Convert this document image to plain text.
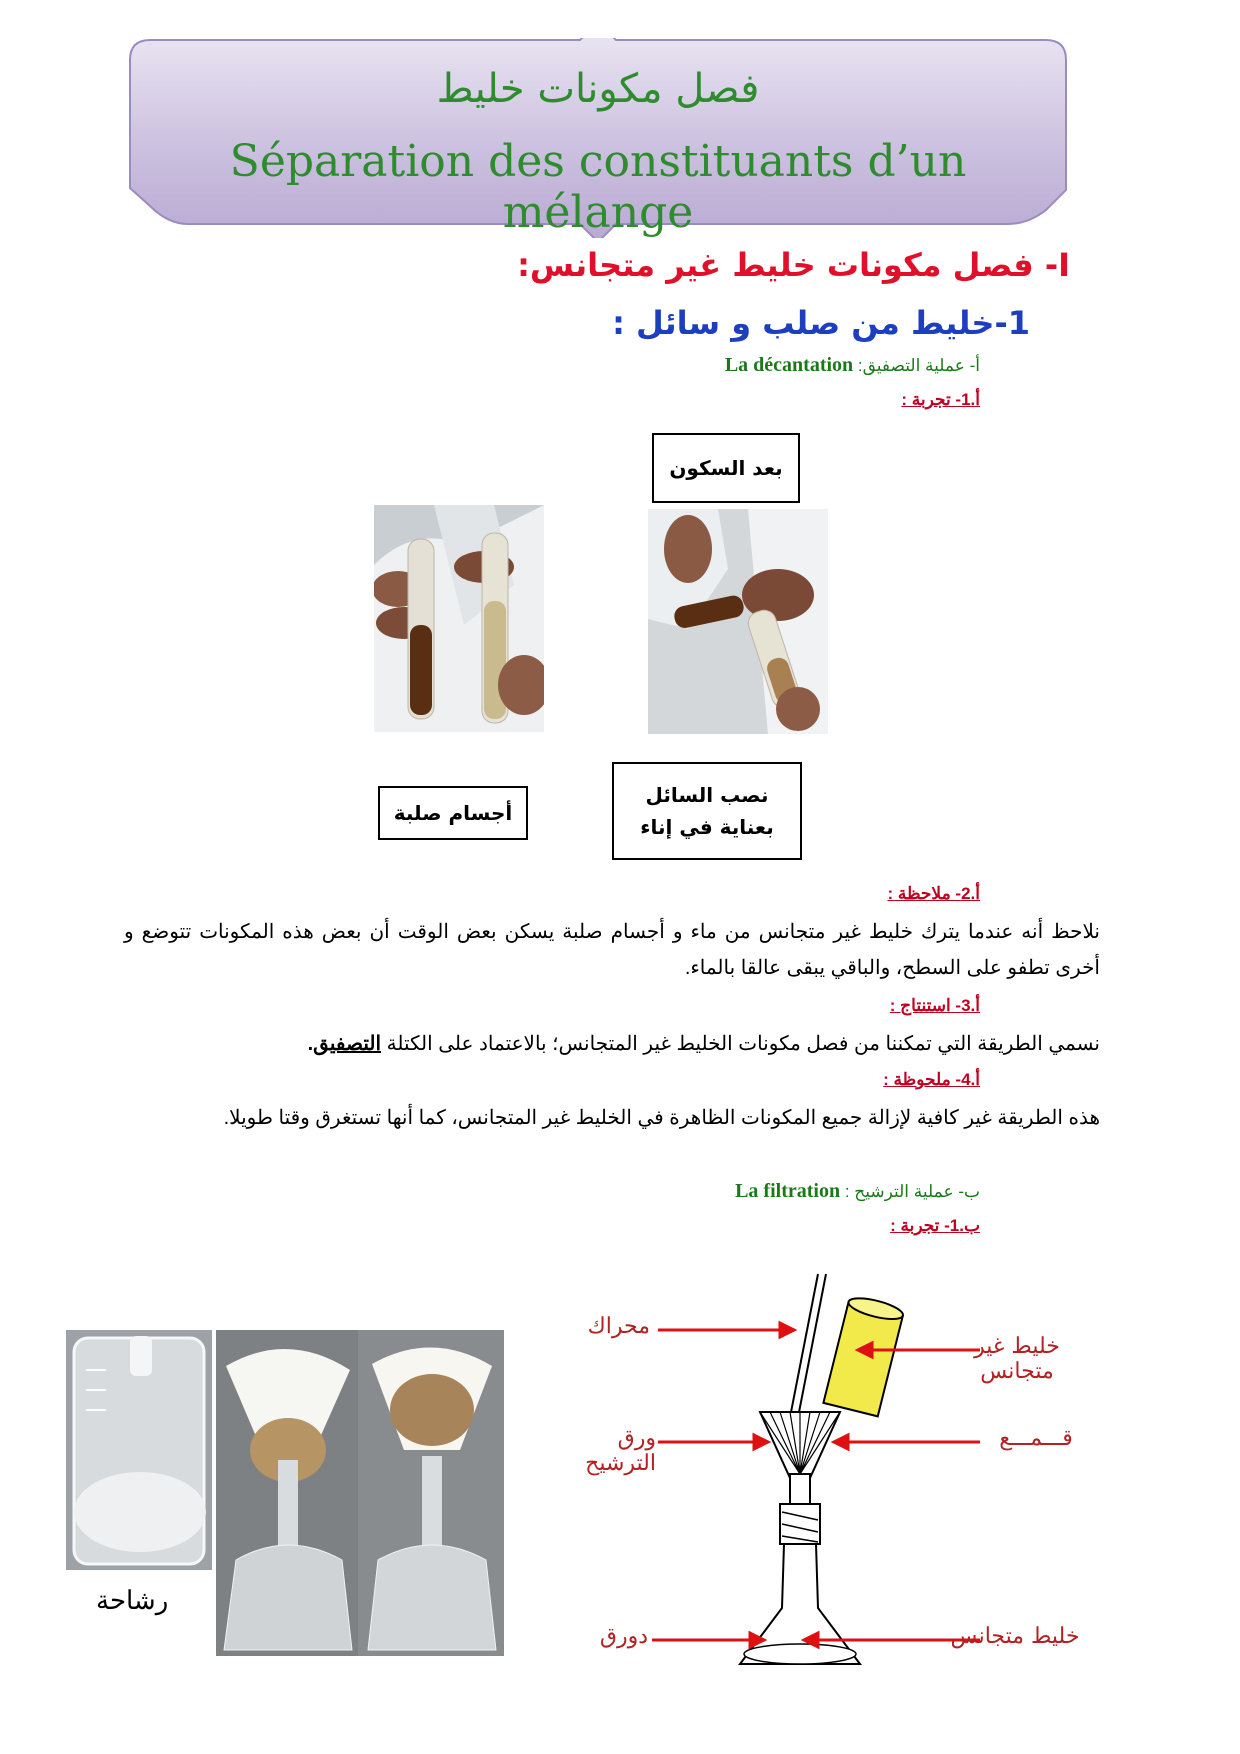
فصل مكونات خليط
Séparation des constituants d’un mélange
I- فصل مكونات خليط غير متجانس:
1-خليط من صلب و سائل :
أ- عملية التصفيق: La décantation
أ.1- تجربة :
بعد السكون
أجسام صلبة
نصب السائل
بعناية في إناء
أ.2- ملاحظة :
نلاحظ أنه عندما يترك خليط غير متجانس من ماء و أجسام صلبة يسكن بعض الوقت أن بعض هذه المكونات تتوضع و أخرى تطفو على السطح، والباقي يبقى عالقا بالماء.
أ.3- استنتاج :
نسمي الطريقة التي تمكننا من فصل مكونات الخليط غير المتجانس؛ بالاعتماد على الكتلة التصفيق.
أ.4- ملحوظة :
هذه الطريقة غير كافية لإزالة جميع المكونات الظاهرة في الخليط غير المتجانس، كما أنها تستغرق وقتا طويلا.
ب- عملية الترشيح : La filtration
ب.1- تجربة :
رشاحة
محراك
خليط غير متجانس
ورق الترشيح
قـــمـــع
دورق	خليط متجانس
